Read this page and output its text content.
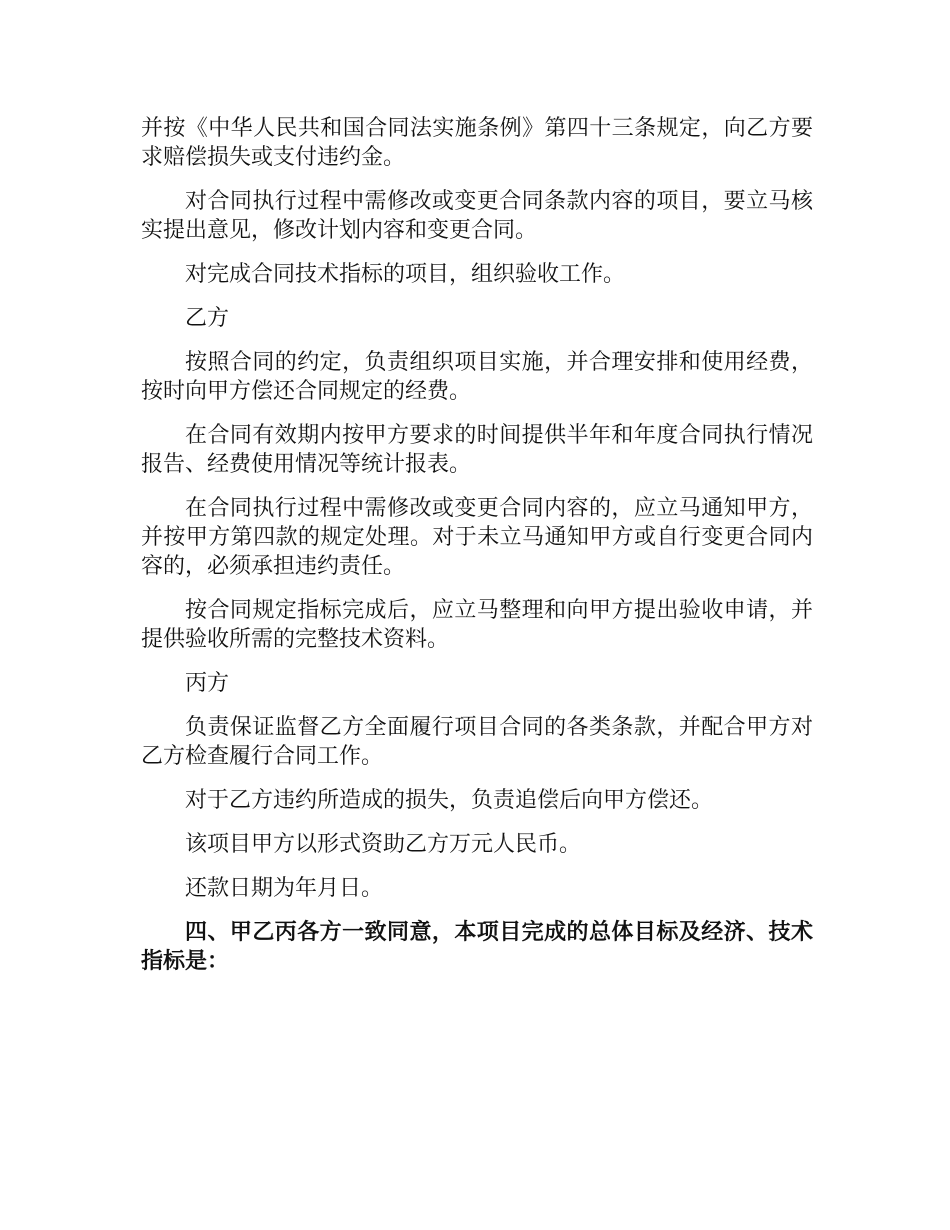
并按《中华人民共和国合同法实施条例》第四十三条规定，向乙方要求赔偿损失或支付违约金。

对合同执行过程中需修改或变更合同条款内容的项目，要立马核实提出意见，修改计划内容和变更合同。

对完成合同技术指标的项目，组织验收工作。

乙方

按照合同的约定，负责组织项目实施，并合理安排和使用经费，按时向甲方偿还合同规定的经费。

在合同有效期内按甲方要求的时间提供半年和年度合同执行情况报告、经费使用情况等统计报表。

在合同执行过程中需修改或变更合同内容的，应立马通知甲方，并按甲方第四款的规定处理。对于未立马通知甲方或自行变更合同内容的，必须承担违约责任。

按合同规定指标完成后，应立马整理和向甲方提出验收申请，并提供验收所需的完整技术资料。

丙方

负责保证监督乙方全面履行项目合同的各类条款，并配合甲方对乙方检查履行合同工作。

对于乙方违约所造成的损失，负责追偿后向甲方偿还。

该项目甲方以形式资助乙方万元人民币。

还款日期为年月日。

四、甲乙丙各方一致同意，本项目完成的总体目标及经济、技术指标是：
